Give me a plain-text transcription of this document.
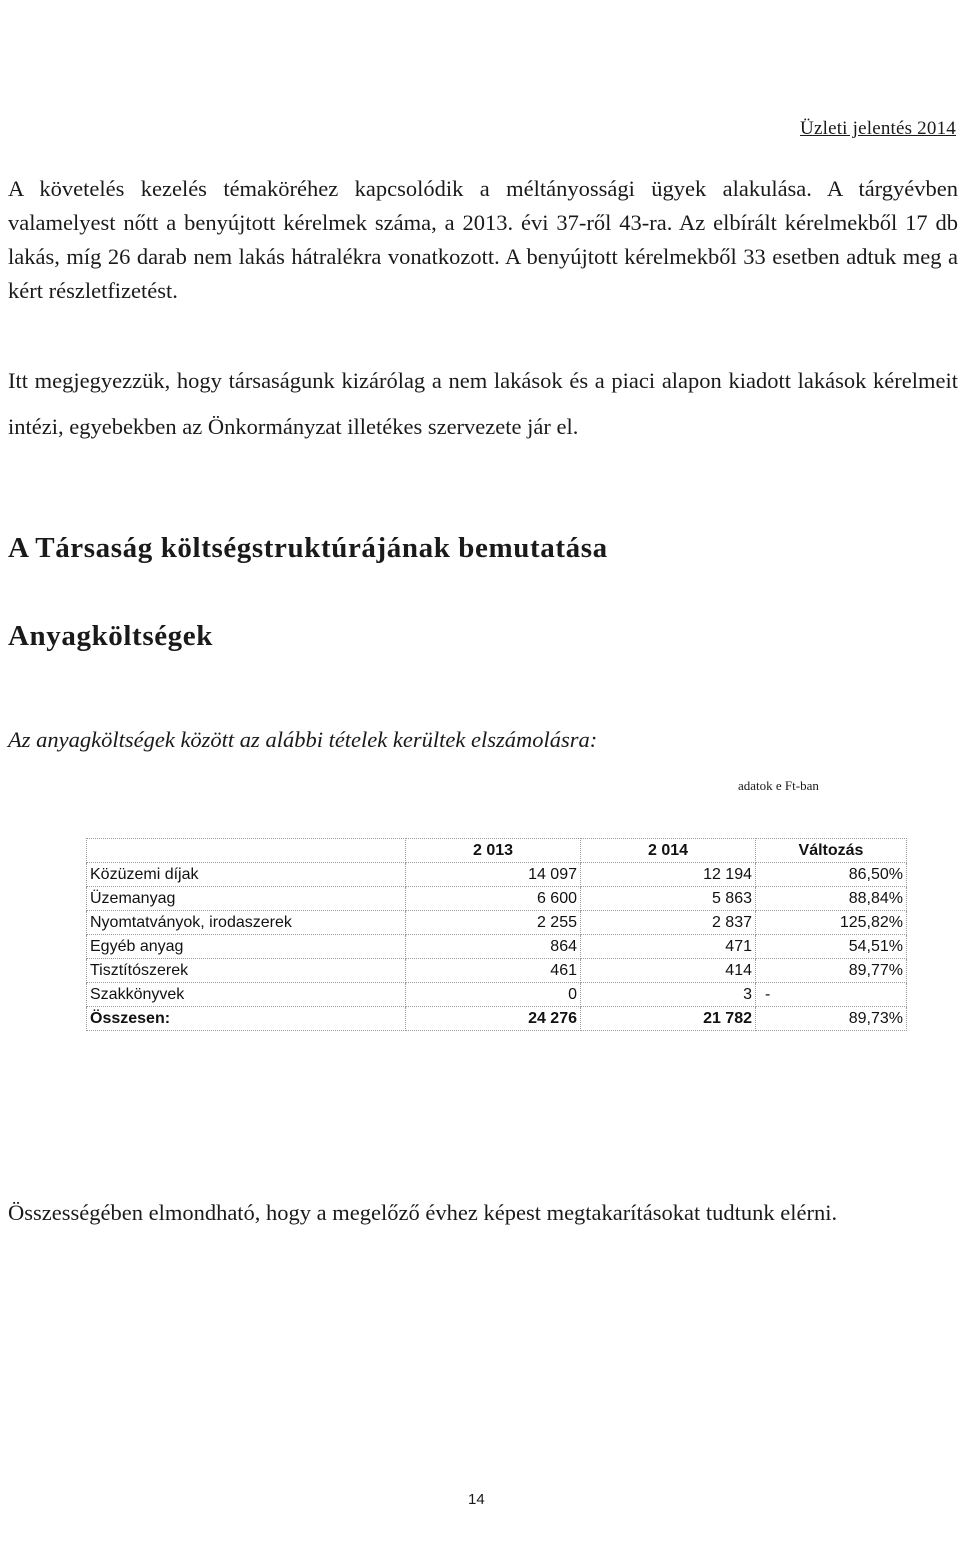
Üzleti jelentés 2014
A követelés kezelés témaköréhez kapcsolódik a méltányossági ügyek alakulása. A tárgyévben valamelyest nőtt a benyújtott kérelmek száma, a 2013. évi 37-ről 43-ra. Az elbírált kérelmekből 17 db lakás, míg 26 darab nem lakás hátralékra vonatkozott. A benyújtott kérelmekből 33 esetben adtuk meg a kért részletfizetést.
Itt megjegyezzük, hogy társaságunk kizárólag a nem lakások és a piaci alapon kiadott lakások kérelmeit intézi, egyebekben az Önkormányzat illetékes szervezete jár el.
A Társaság költségstruktúrájának bemutatása
Anyagköltségek
Az anyagköltségek között az alábbi tételek kerültek elszámolásra:
adatok e Ft-ban
	2 013	2 014	Változás
Közüzemi díjak	14 097	12 194	86,50%
Üzemanyag	6 600	5 863	88,84%
Nyomtatványok, irodaszerek	2 255	2 837	125,82%
Egyéb anyag	864	471	54,51%
Tisztítószerek	461	414	89,77%
Szakkönyvek	0	3	-
Összesen:	24 276	21 782	89,73%
Összességében elmondható, hogy a megelőző évhez képest megtakarításokat tudtunk elérni.
14
